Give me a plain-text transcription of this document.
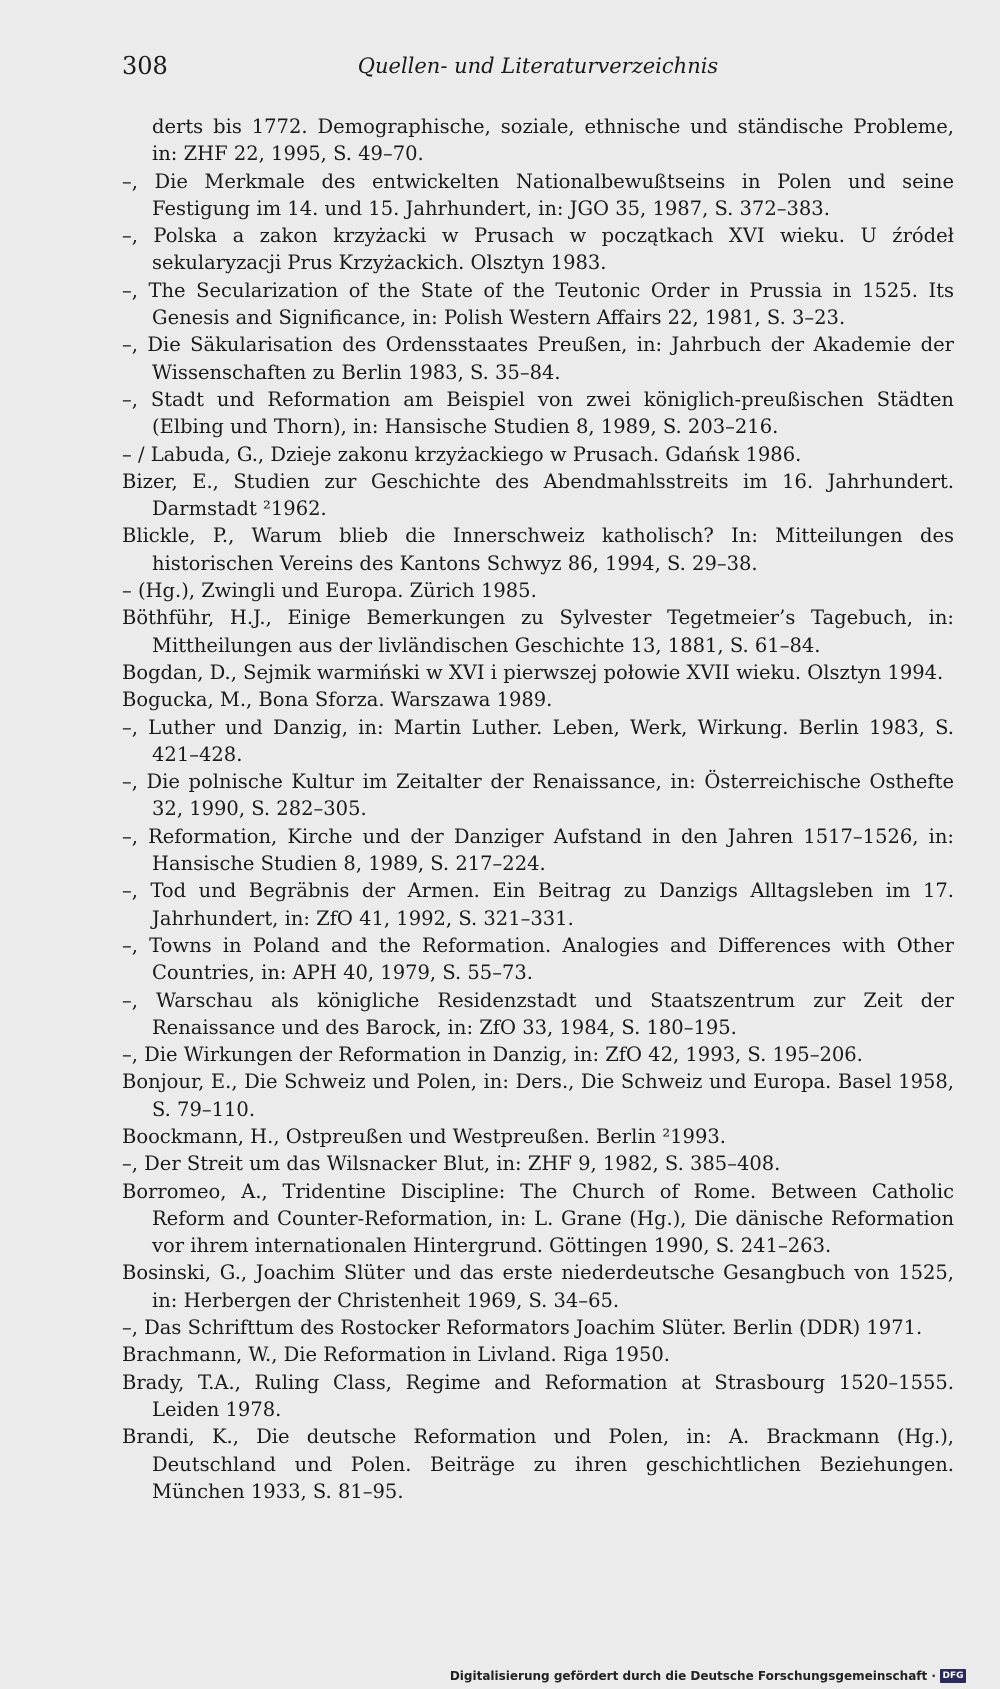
308	Quellen- und Literaturverzeichnis

derts bis 1772. Demographische, soziale, ethnische und ständische Probleme, in: ZHF 22, 1995, S. 49–70.

–, Die Merkmale des entwickelten Nationalbewußtseins in Polen und seine Festigung im 14. und 15. Jahrhundert, in: JGO 35, 1987, S. 372–383.

–, Polska a zakon krzyżacki w Prusach w początkach XVI wieku. U źródeł sekularyzacji Prus Krzyżackich. Olsztyn 1983.

–, The Secularization of the State of the Teutonic Order in Prussia in 1525. Its Genesis and Significance, in: Polish Western Affairs 22, 1981, S. 3–23.

–, Die Säkularisation des Ordensstaates Preußen, in: Jahrbuch der Akademie der Wissenschaften zu Berlin 1983, S. 35–84.

–, Stadt und Reformation am Beispiel von zwei königlich-preußischen Städten (Elbing und Thorn), in: Hansische Studien 8, 1989, S. 203–216.

– / Labuda, G., Dzieje zakonu krzyżackiego w Prusach. Gdańsk 1986.

Bizer, E., Studien zur Geschichte des Abendmahlsstreits im 16. Jahrhundert. Darmstadt ²1962.

Blickle, P., Warum blieb die Innerschweiz katholisch? In: Mitteilungen des historischen Vereins des Kantons Schwyz 86, 1994, S. 29–38.

– (Hg.), Zwingli und Europa. Zürich 1985.

Böthführ, H.J., Einige Bemerkungen zu Sylvester Tegetmeier’s Tagebuch, in: Mittheilungen aus der livländischen Geschichte 13, 1881, S. 61–84.

Bogdan, D., Sejmik warmiński w XVI i pierwszej połowie XVII wieku. Olsztyn 1994.

Bogucka, M., Bona Sforza. Warszawa 1989.

–, Luther und Danzig, in: Martin Luther. Leben, Werk, Wirkung. Berlin 1983, S. 421–428.

–, Die polnische Kultur im Zeitalter der Renaissance, in: Österreichische Osthefte 32, 1990, S. 282–305.

–, Reformation, Kirche und der Danziger Aufstand in den Jahren 1517–1526, in: Hansische Studien 8, 1989, S. 217–224.

–, Tod und Begräbnis der Armen. Ein Beitrag zu Danzigs Alltagsleben im 17. Jahrhundert, in: ZfO 41, 1992, S. 321–331.

–, Towns in Poland and the Reformation. Analogies and Differences with Other Countries, in: APH 40, 1979, S. 55–73.

–, Warschau als königliche Residenzstadt und Staatszentrum zur Zeit der Renaissance und des Barock, in: ZfO 33, 1984, S. 180–195.

–, Die Wirkungen der Reformation in Danzig, in: ZfO 42, 1993, S. 195–206.

Bonjour, E., Die Schweiz und Polen, in: Ders., Die Schweiz und Europa. Basel 1958, S. 79–110.

Boockmann, H., Ostpreußen und Westpreußen. Berlin ²1993.

–, Der Streit um das Wilsnacker Blut, in: ZHF 9, 1982, S. 385–408.

Borromeo, A., Tridentine Discipline: The Church of Rome. Between Catholic Reform and Counter-Reformation, in: L. Grane (Hg.), Die dänische Reformation vor ihrem internationalen Hintergrund. Göttingen 1990, S. 241–263.

Bosinski, G., Joachim Slüter und das erste niederdeutsche Gesangbuch von 1525, in: Herbergen der Christenheit 1969, S. 34–65.

–, Das Schrifttum des Rostocker Reformators Joachim Slüter. Berlin (DDR) 1971.

Brachmann, W., Die Reformation in Livland. Riga 1950.

Brady, T.A., Ruling Class, Regime and Reformation at Strasbourg 1520–1555. Leiden 1978.

Brandi, K., Die deutsche Reformation und Polen, in: A. Brackmann (Hg.), Deutschland und Polen. Beiträge zu ihren geschichtlichen Beziehungen. München 1933, S. 81–95.

Digitalisierung gefördert durch die Deutsche Forschungsgemeinschaft · DFG
